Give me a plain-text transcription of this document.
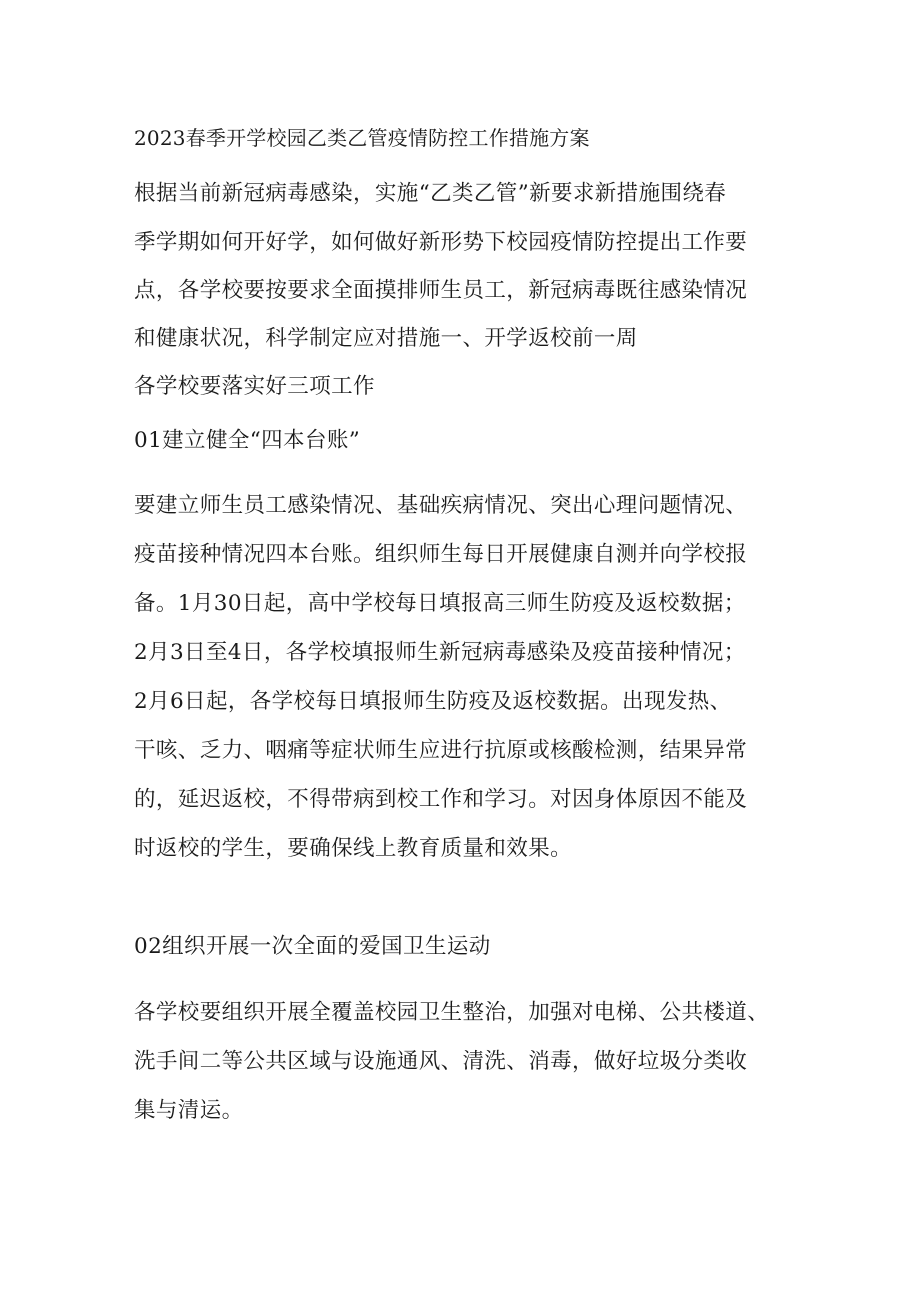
2023春季开学校园乙类乙管疫情防控工作措施方案
根据当前新冠病毒感染，实施“乙类乙管”新要求新措施围绕春
季学期如何开好学，如何做好新形势下校园疫情防控提出工作要
点，各学校要按要求全面摸排师生员工，新冠病毒既往感染情况
和健康状况，科学制定应对措施一、开学返校前一周
各学校要落实好三项工作
01建立健全“四本台账”
要建立师生员工感染情况、基础疾病情况、突出心理问题情况、
疫苗接种情况四本台账。组织师生每日开展健康自测并向学校报
备。1月30日起，高中学校每日填报高三师生防疫及返校数据；
2月3日至4日，各学校填报师生新冠病毒感染及疫苗接种情况；
2月6日起，各学校每日填报师生防疫及返校数据。出现发热、
干咳、乏力、咽痛等症状师生应进行抗原或核酸检测，结果异常
的，延迟返校，不得带病到校工作和学习。对因身体原因不能及
时返校的学生，要确保线上教育质量和效果。
02组织开展一次全面的爱国卫生运动
各学校要组织开展全覆盖校园卫生整治，加强对电梯、公共楼道、
洗手间二等公共区域与设施通风、清洗、消毒，做好垃圾分类收
集与清运。
